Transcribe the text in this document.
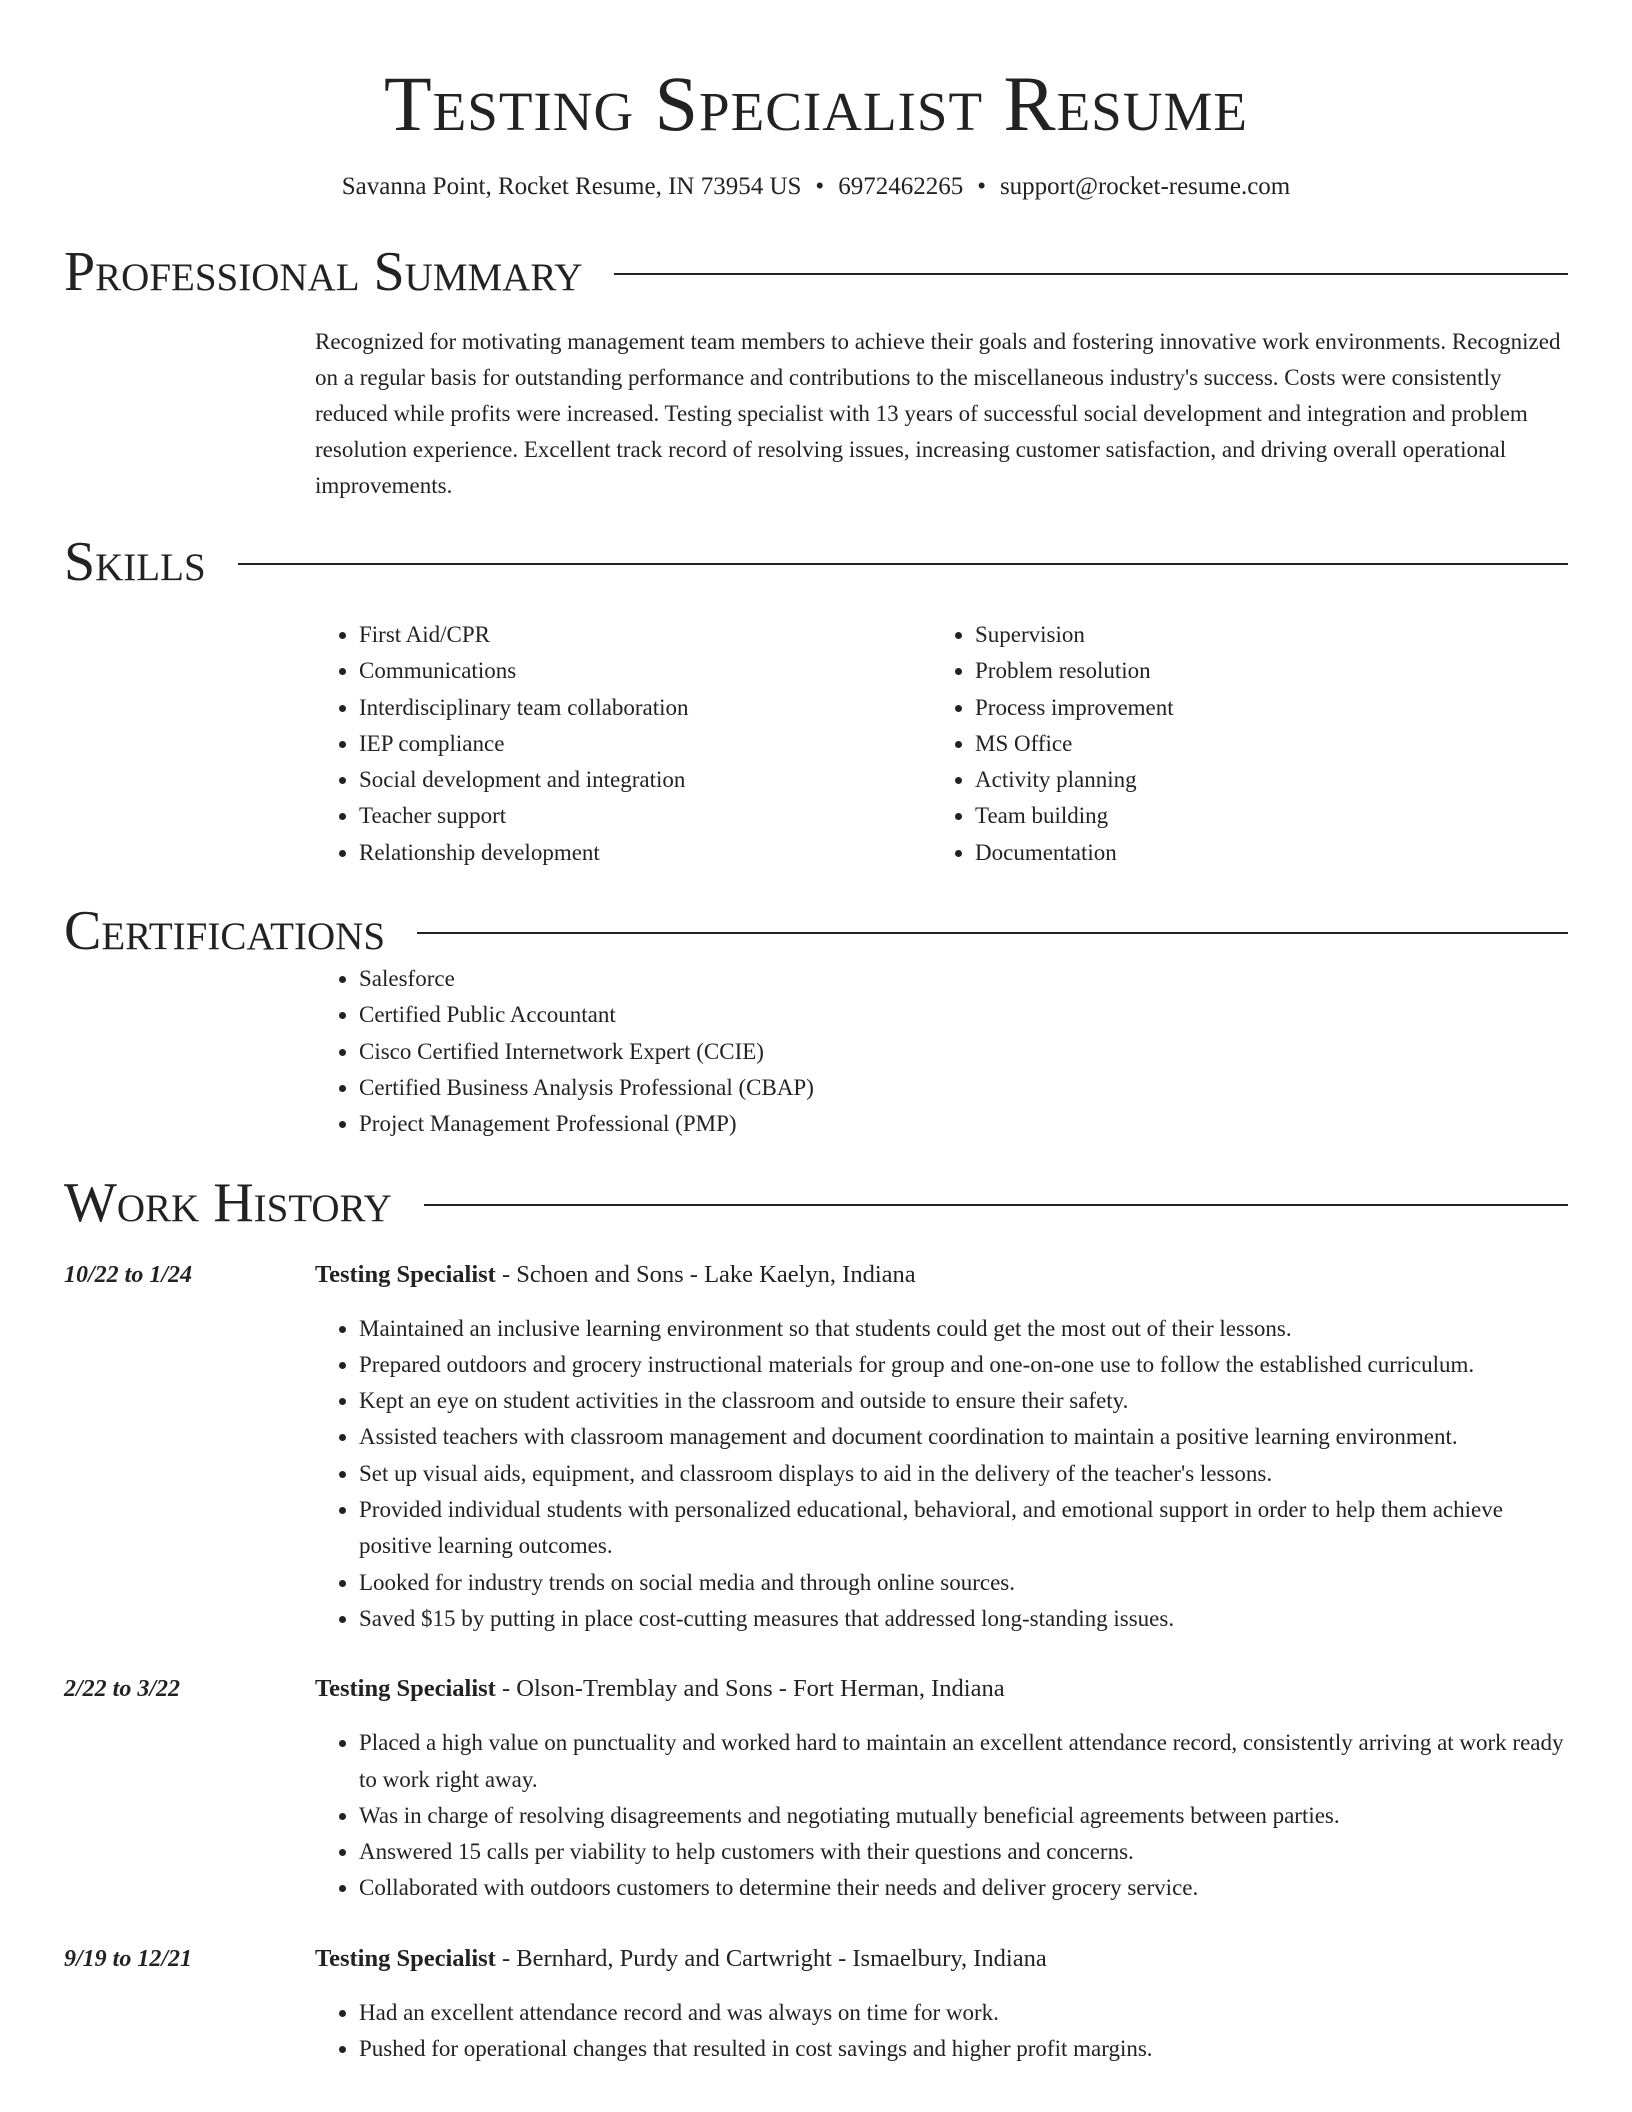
Testing Specialist Resume
Savanna Point, Rocket Resume, IN 73954 US • 6972462265 • support@rocket-resume.com
Professional Summary

Recognized for motivating management team members to achieve their goals and fostering innovative work environments. Recognized on a regular basis for outstanding performance and contributions to the miscellaneous industry's success. Costs were consistently reduced while profits were increased. Testing specialist with 13 years of successful social development and integration and problem resolution experience. Excellent track record of resolving issues, increasing customer satisfaction, and driving overall operational improvements.

Skills
• First Aid/CPR
• Communications
• Interdisciplinary team collaboration
• IEP compliance
• Social development and integration
• Teacher support
• Relationship development
• Supervision
• Problem resolution
• Process improvement
• MS Office
• Activity planning
• Team building
• Documentation
Certifications
• Salesforce
• Certified Public Accountant
• Cisco Certified Internetwork Expert (CCIE)
• Certified Business Analysis Professional (CBAP)
• Project Management Professional (PMP)
Work History
10/22 to 1/24	Testing Specialist - Schoen and Sons - Lake Kaelyn, Indiana
• Maintained an inclusive learning environment so that students could get the most out of their lessons.
• Prepared outdoors and grocery instructional materials for group and one-on-one use to follow the established curriculum.
• Kept an eye on student activities in the classroom and outside to ensure their safety.
• Assisted teachers with classroom management and document coordination to maintain a positive learning environment.
• Set up visual aids, equipment, and classroom displays to aid in the delivery of the teacher's lessons.
• Provided individual students with personalized educational, behavioral, and emotional support in order to help them achieve positive learning outcomes.
• Looked for industry trends on social media and through online sources.
• Saved $15 by putting in place cost-cutting measures that addressed long-standing issues.
2/22 to 3/22	Testing Specialist - Olson-Tremblay and Sons - Fort Herman, Indiana
• Placed a high value on punctuality and worked hard to maintain an excellent attendance record, consistently arriving at work ready to work right away.
• Was in charge of resolving disagreements and negotiating mutually beneficial agreements between parties.
• Answered 15 calls per viability to help customers with their questions and concerns.
• Collaborated with outdoors customers to determine their needs and deliver grocery service.
9/19 to 12/21	Testing Specialist - Bernhard, Purdy and Cartwright - Ismaelbury, Indiana
• Had an excellent attendance record and was always on time for work.
• Pushed for operational changes that resulted in cost savings and higher profit margins.
